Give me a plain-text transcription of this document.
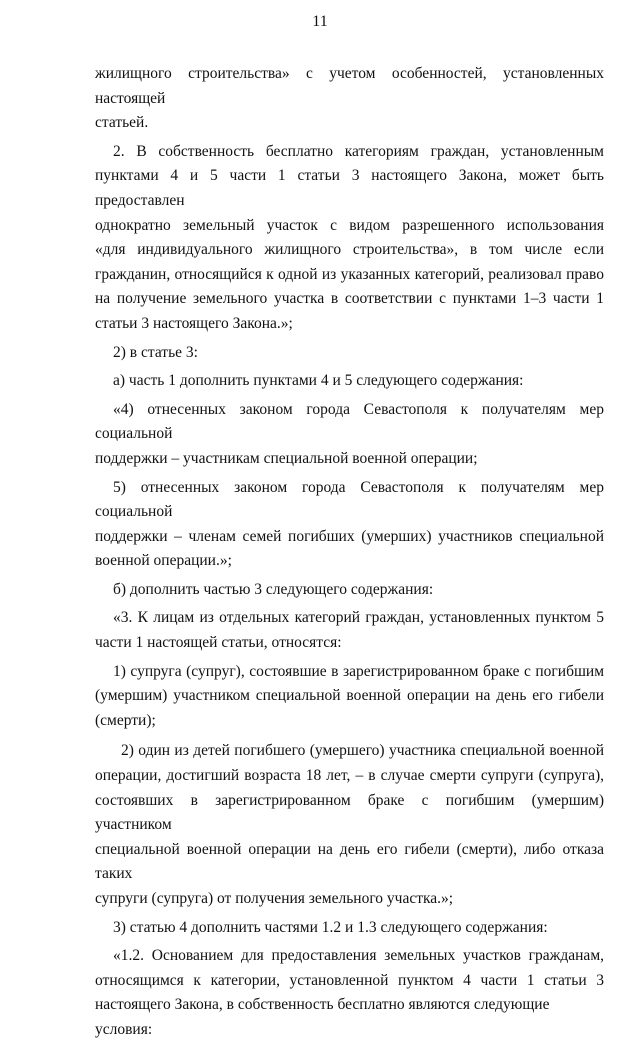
11

жилищного строительства» с учетом особенностей, установленных настоящей

статьей.

2. В собственность бесплатно категориям граждан, установленным

пунктами 4 и 5 части 1 статьи 3 настоящего Закона, может быть предоставлен

однократно земельный участок с видом разрешенного использования

«для индивидуального жилищного строительства», в том числе если

гражданин, относящийся к одной из указанных категорий, реализовал право

на получение земельного участка в соответствии с пунктами 1–3 части 1

статьи 3 настоящего Закона.»;

2) в статье 3:

а) часть 1 дополнить пунктами 4 и 5 следующего содержания:

«4) отнесенных законом города Севастополя к получателям мер социальной

поддержки – участникам специальной военной операции;

5) отнесенных законом города Севастополя к получателям мер социальной

поддержки – членам семей погибших (умерших) участников специальной

военной операции.»;

б) дополнить частью 3 следующего содержания:

«3. К лицам из отдельных категорий граждан, установленных пунктом 5

части 1 настоящей статьи, относятся:

1) супруга (супруг), состоявшие в зарегистрированном браке с погибшим

(умершим) участником специальной военной операции на день его гибели

(смерти);

2) один из детей погибшего (умершего) участника специальной военной

операции, достигший возраста 18 лет, – в случае смерти супруги (супруга),

состоявших в зарегистрированном браке с погибшим (умершим) участником

специальной военной операции на день его гибели (смерти), либо отказа таких

супруги (супруга) от получения земельного участка.»;

3) статью 4 дополнить частями 1.2 и 1.3 следующего содержания:

«1.2. Основанием для предоставления земельных участков гражданам,

относящимся к категории, установленной пунктом 4 части 1 статьи 3

настоящего Закона, в собственность бесплатно являются следующие условия:
